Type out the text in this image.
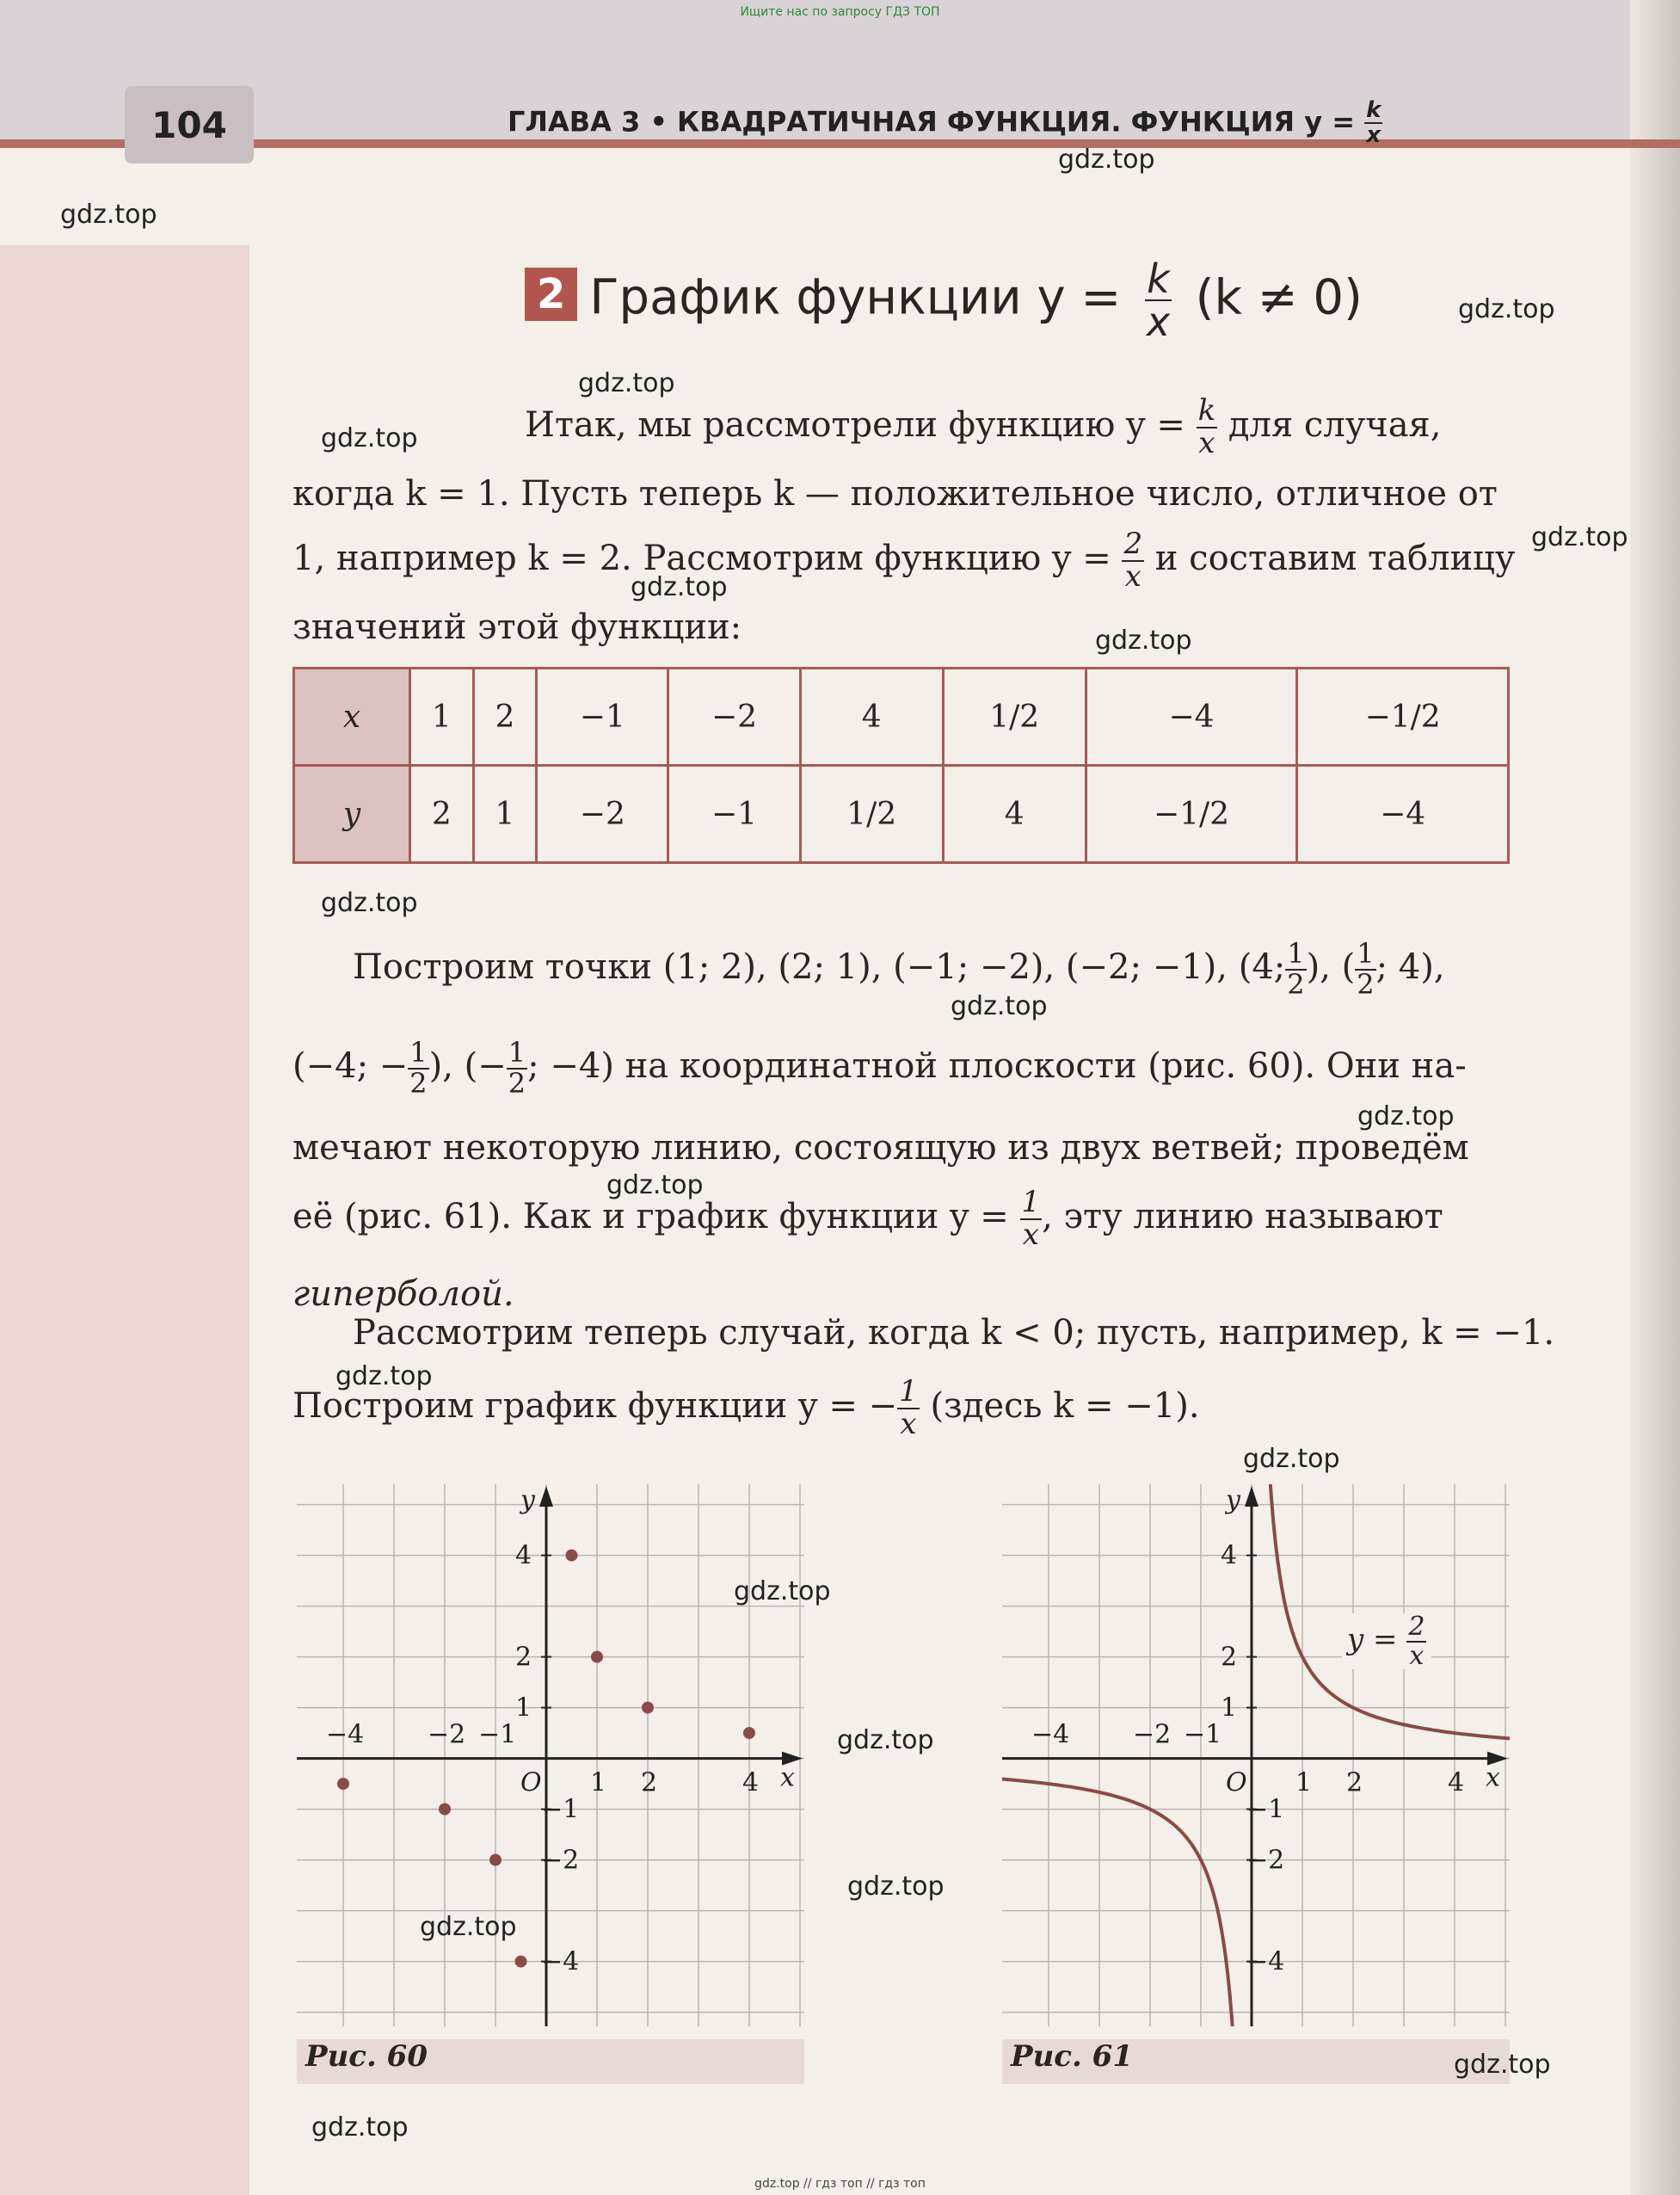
Ищите нас по запросу ГДЗ ТОП
104	ГЛАВА 3 • КВАДРАТИЧНАЯ ФУНКЦИЯ. ФУНКЦИЯ $y = \frac{k}{x}$
2 График функции $y = \frac{k}{x} (k \ne 0)$
Итак, мы рассмотрели функцию $y = \frac{k}{x}$ для случая,
когда k = 1. Пусть теперь k — положительное число, отличное от
1, например k = 2. Рассмотрим функцию $y = \frac{2}{x}$ и составим таблицу
значений этой функции:
x	1	2	−1	−2	4	1/2	−4	−1/2
y	2	1	−2	−1	1/2	4	−1/2	−4
Построим точки (1; 2), (2; 1), (−1; −2), (−2; −1), (4; $\frac{1}{2}$ ), ( $\frac{1}{2}$ ; 4),
(−4; − $\frac{1}{2}$ ), (− $\frac{1}{2}$ ; −4) на координатной плоскости (рис. 60). Они на-
мечают некоторую линию, состоящую из двух ветвей; проведём
её (рис. 61). Как и график функции $y = \frac{1}{x}$ , эту линию называют
гиперболой.
Рассмотрим теперь случай, когда k < 0; пусть, например, k = −1.
Построим график функции y = − $\frac{1}{x}$ (здесь k = −1).
x
y
O
−4 −2 −1
1 2	4
4
2
1
−1
−2
−4
x
y
O
−4 −2 −1
1 2	4
4
2
1
−1
−2
−4
Рис. 60	Рис. 61
$y = \frac{2}{x}$
gdz.top
gdz.top
gdz.top
gdz.top
gdz.top
gdz.top
gdz.top
gdz.top
gdz.top
gdz.top
gdz.top
gdz.top
gdz.top
gdz.top
gdz.top
gdz.top
gdz.top
gdz.top
gdz.top
gdz.top
gdz.top // гдз топ // гдз топ
